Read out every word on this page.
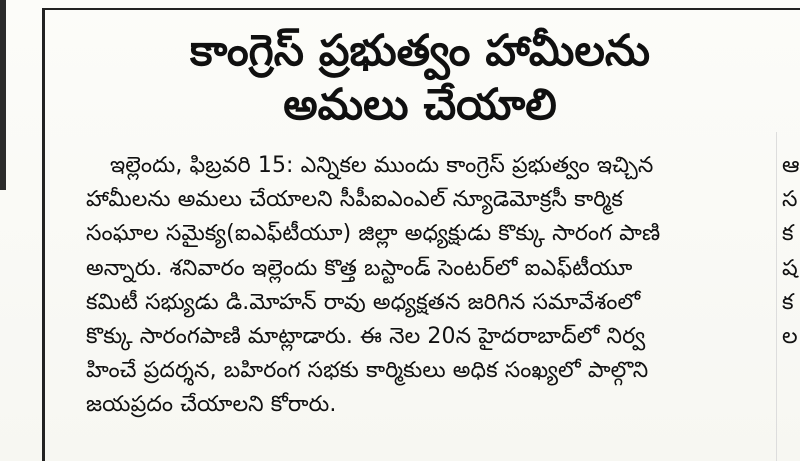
కాంగ్రెస్ ప్రభుత్వం హామీలను
అమలు చేయాలి
ఇల్లెందు, ఫిబ్రవరి 15: ఎన్నికల ముందు కాంగ్రెస్ ప్రభుత్వం ఇచ్చిన
హామీలను అమలు చేయాలని సీపీఐఎంఎల్ న్యూడెమోక్రసీ కార్మిక
సంఘాల సమైక్య(ఐఎఫ్‌టీయూ) జిల్లా అధ్యక్షుడు కొక్కు సారంగ పాణి
అన్నారు. శనివారం ఇల్లెందు కొత్త బస్టాండ్ సెంటర్‌లో ఐఎఫ్‌టీయూ
కమిటీ సభ్యుడు డి.మోహన్ రావు అధ్యక్షతన జరిగిన సమావేశంలో
కొక్కు సారంగపాణి మాట్లాడారు. ఈ నెల 20న హైదరాబాద్‌లో నిర్వ
హించే ప్రదర్శన, బహిరంగ సభకు కార్మికులు అధిక సంఖ్యలో పాల్గొని
జయప్రదం చేయాలని కోరారు.
ఆ
స
క
ష
క
ల
